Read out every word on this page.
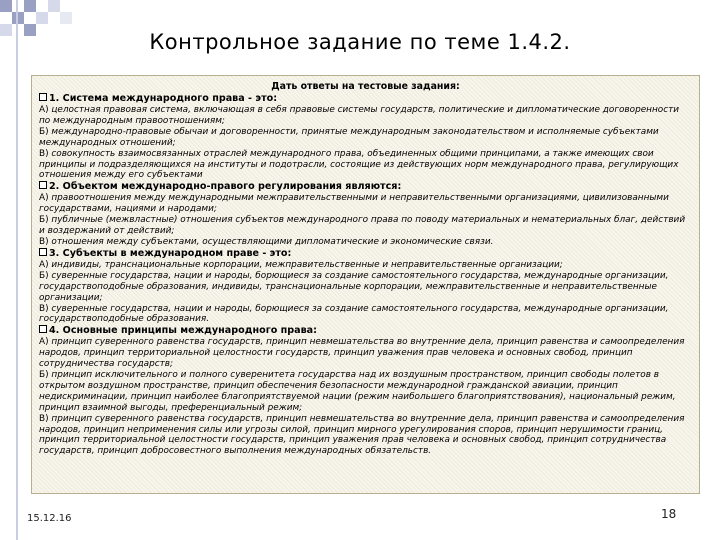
Контрольное задание по теме 1.4.2.
Дать ответы на тестовые задания:
1. Система международного права - это:
А) целостная правовая система, включающая в себя правовые системы государств, политические и дипломатические договоренности по международным правоотношениям;
Б) международно-правовые обычаи и договоренности, принятые международным законодательством и исполняемые субъектами международных отношений;
В) совокупность взаимосвязанных отраслей международного права, объединенных общими принципами, а также имеющих свои принципы и подразделяющихся на институты и подотрасли, состоящие из действующих норм международного права, регулирующих отношения между его субъектами
2. Объектом международно-правого регулирования являются:
А) правоотношения между международными межправительственными и неправительственными организациями, цивилизованными государствами, нациями и народами;
Б) публичные (межвластные) отношения субъектов международного права по поводу материальных и нематериальных благ, действий и воздержаний от действий;
В) отношения между субъектами, осуществляющими дипломатические и экономические связи.
3. Субъекты в международном праве - это:
А) индивиды, транснациональные корпорации, межправительственные и неправительственные организации;
Б) суверенные государства, нации и народы, борющиеся за создание самостоятельного государства, международные организации, государствоподобные образования, индивиды, транснациональные корпорации, межправительственные и неправительственные организации;
В) суверенные государства, нации и народы, борющиеся за создание самостоятельного государства, международные организации, государствоподобные образования.
4. Основные принципы международного права:
А) принцип суверенного равенства государств, принцип невмешательства во внутренние дела, принцип равенства и самоопределения народов, принцип территориальной целостности государств, принцип уважения прав человека и основных свобод, принцип сотрудничества государств;
Б) принцип исключительного и полного суверенитета государства над их воздушным пространством, принцип свободы полетов в открытом воздушном пространстве, принцип обеспечения безопасности международной гражданской авиации, принцип недискриминации, принцип наиболее благоприятствуемой нации (режим наибольшего благоприятствования), национальный режим, принцип взаимной выгоды, преференциальный режим;
В) принцип суверенного равенства государств, принцип невмешательства во внутренние дела, принцип равенства и самоопределения народов, принцип неприменения силы или угрозы силой, принцип мирного урегулирования споров, принцип нерушимости границ, принцип территориальной целостности государств, принцип уважения прав человека и основных свобод, принцип сотрудничества государств, принцип добросовестного выполнения международных обязательств.
15.12.16	18
